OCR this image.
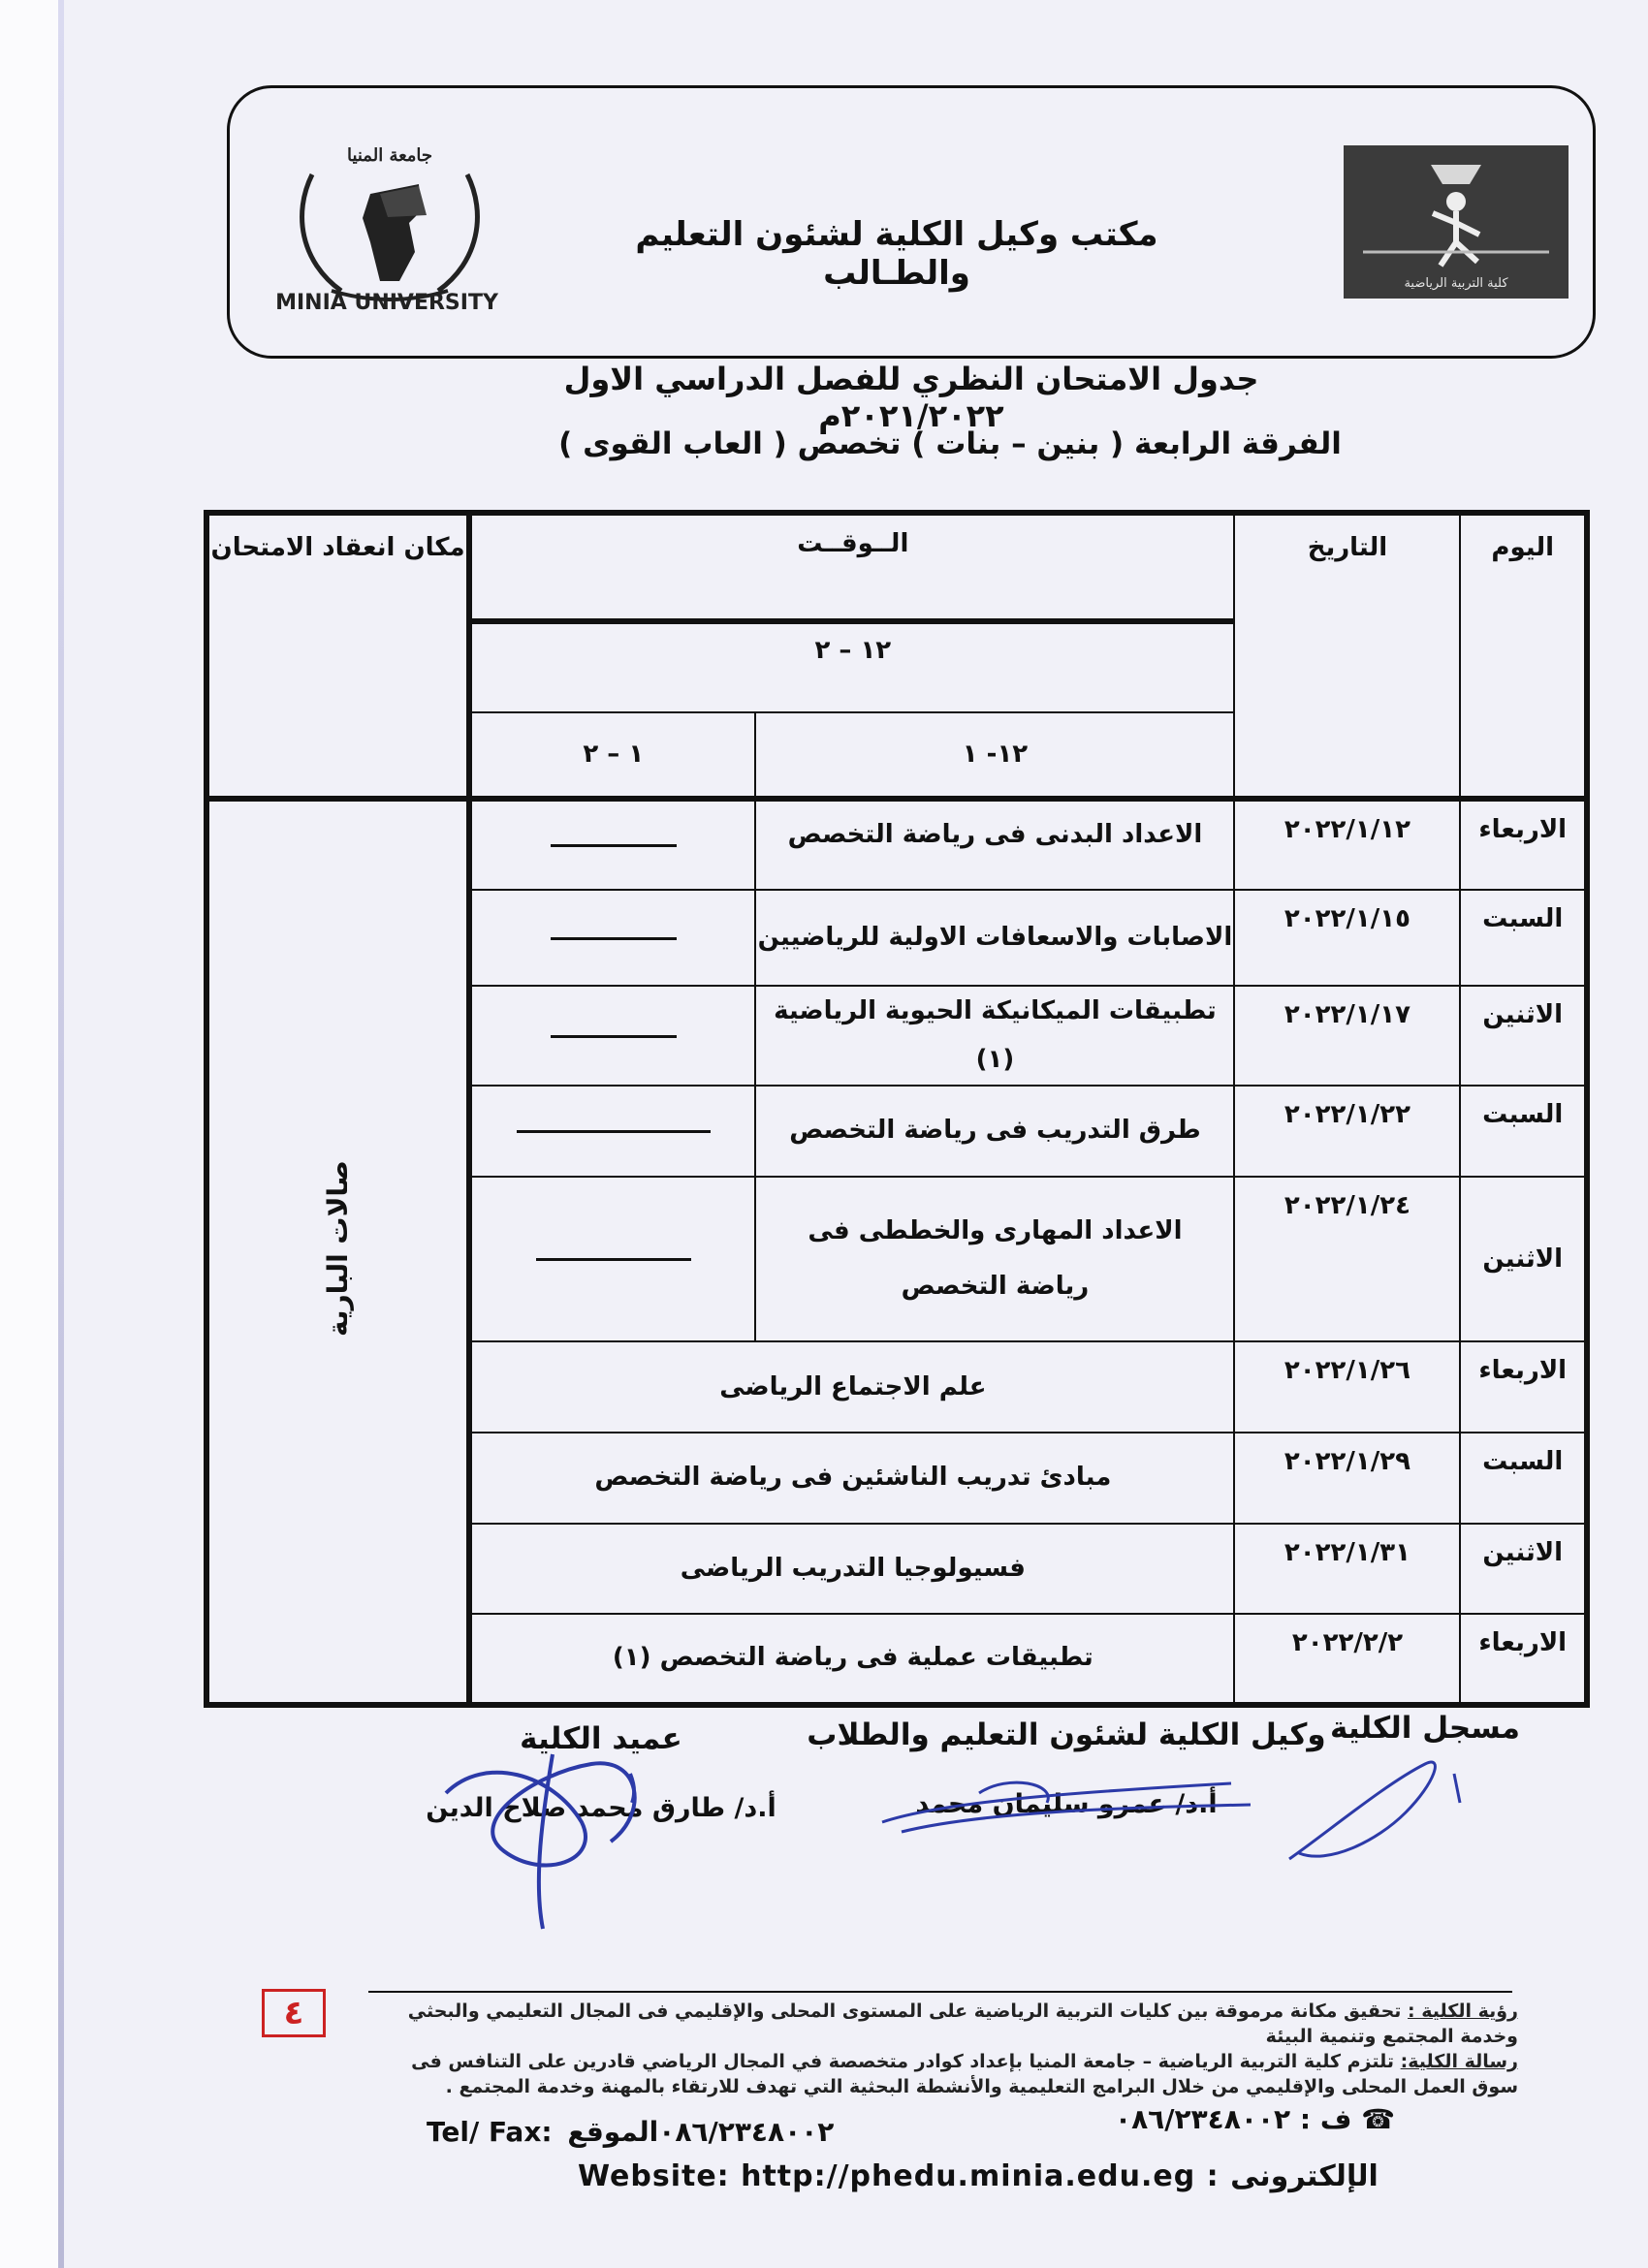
جامعة المنيا
MINIA UNIVERSITY
مكتب وكيل الكلية لشئون التعليم والطـالب	كلية التربية الرياضية
جدول الامتحان النظري للفصل الدراسي الاول ٢٠٢١/٢٠٢٢م
الفرقة الرابعة ( بنين – بنات ) تخصص ( العاب القوى )
اليوم	التاريخ	الــوقــت		مكان انعقاد الامتحان
		١٢ – ٢		
		١٢- ١	١ – ٢	
الاربعاء	٢٠٢٢/١/١٢	الاعداد البدنى فى رياضة التخصص		صالات البارية
السبت	٢٠٢٢/١/١٥	الاصابات والاسعافات الاولية للرياضيين		
الاثنين	٢٠٢٢/١/١٧	تطبيقات الميكانيكة الحيوية الرياضية (١)		
السبت	٢٠٢٢/١/٢٢	طرق التدريب فى رياضة التخصص		
الاثنين	٢٠٢٢/١/٢٤	الاعداد المهارى والخططى فى رياضة التخصص		
الاربعاء	٢٠٢٢/١/٢٦	علم الاجتماع الرياضى		
السبت	٢٠٢٢/١/٢٩	مبادئ تدريب الناشئين فى رياضة التخصص		
الاثنين	٢٠٢٢/١/٣١	فسيولوجيا التدريب الرياضى		
الاربعاء	٢٠٢٢/٢/٢	تطبيقات عملية فى رياضة التخصص (١)		
مسجل الكلية
وكيل الكلية لشئون التعليم والطلاب
أ.د/ عمرو سليمان محمد
عميد الكلية
أ.د/ طارق محمد صلاح الدين
٤	رؤية الكلية : تحقيق مكانة مرموقة بين كليات التربية الرياضية على المستوى المحلى والإقليمي فى المجال التعليمي والبحثي وخدمة المجتمع وتنمية البيئة
رسالة الكلية: تلتزم كلية التربية الرياضية – جامعة المنيا بإعداد كوادر متخصصة في المجال الرياضي قادرين على التنافس فى سوق العمل المحلى والإقليمي من خلال البرامج التعليمية والأنشطة البحثية التي تهدف للارتقاء بالمهنة وخدمة المجتمع .
☎ ف : ٠٨٦/٢٣٤٨٠٠٢
Tel/ Fax: ٠٨٦/٢٣٤٨٠٠٢الموقع
Website: http://phedu.minia.edu.eg : الإلكترونى
